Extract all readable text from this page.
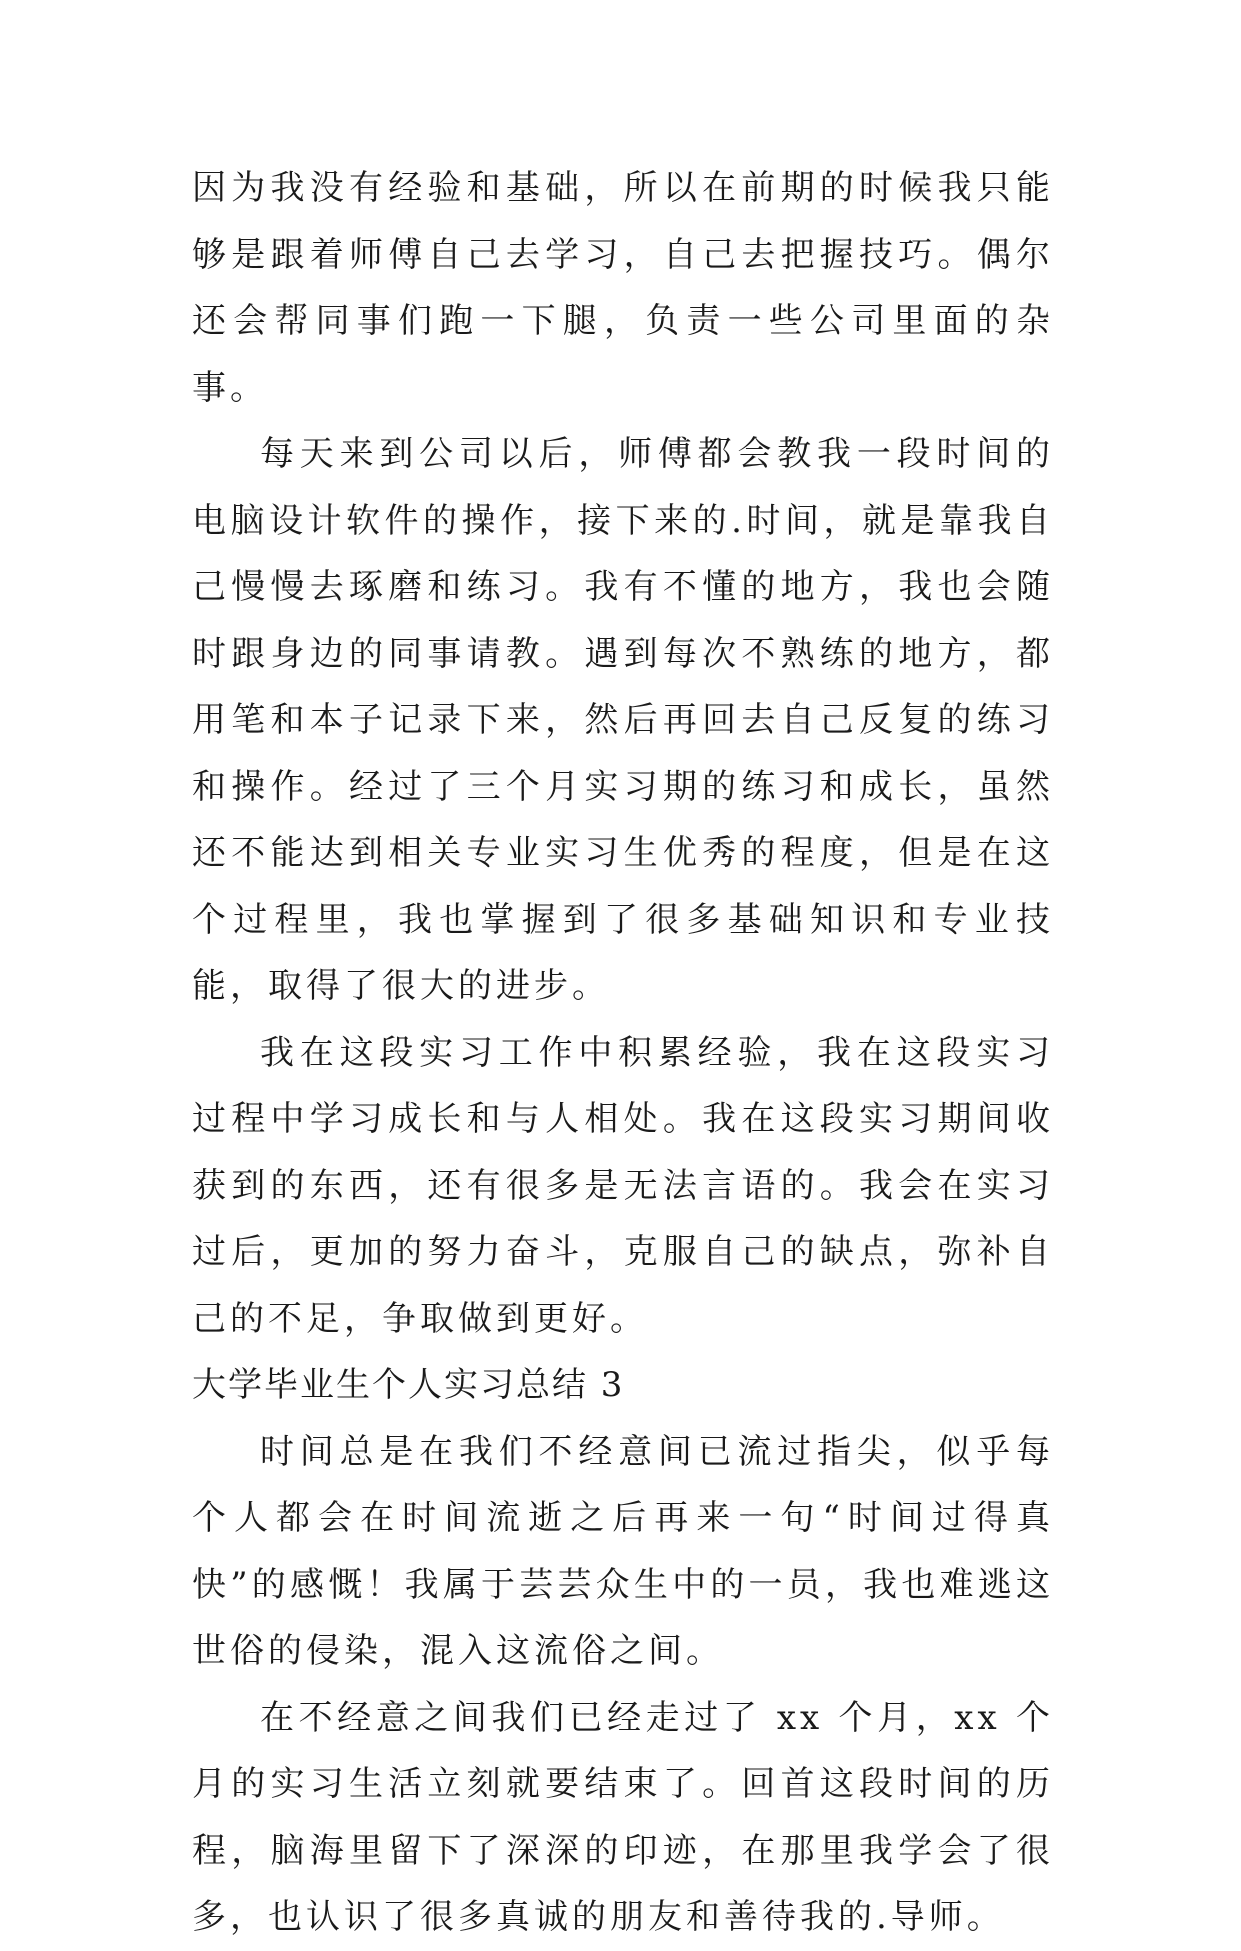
因为我没有经验和基础，所以在前期的时候我只能够是跟着师傅自己去学习，自己去把握技巧。偶尔还会帮同事们跑一下腿，负责一些公司里面的杂事。

每天来到公司以后，师傅都会教我一段时间的电脑设计软件的操作，接下来的.时间，就是靠我自己慢慢去琢磨和练习。我有不懂的地方，我也会随时跟身边的同事请教。遇到每次不熟练的地方，都用笔和本子记录下来，然后再回去自己反复的练习和操作。经过了三个月实习期的练习和成长，虽然还不能达到相关专业实习生优秀的程度，但是在这个过程里，我也掌握到了很多基础知识和专业技能，取得了很大的进步。

我在这段实习工作中积累经验，我在这段实习过程中学习成长和与人相处。我在这段实习期间收获到的东西，还有很多是无法言语的。我会在实习过后，更加的努力奋斗，克服自己的缺点，弥补自己的不足，争取做到更好。

大学毕业生个人实习总结 3

时间总是在我们不经意间已流过指尖，似乎每个人都会在时间流逝之后再来一句“时间过得真快”的感慨！我属于芸芸众生中的一员，我也难逃这世俗的侵染，混入这流俗之间。

在不经意之间我们已经走过了 xx 个月，xx 个月的实习生活立刻就要结束了。回首这段时间的历程，脑海里留下了深深的印迹，在那里我学会了很多，也认识了很多真诚的朋友和善待我的.导师。
